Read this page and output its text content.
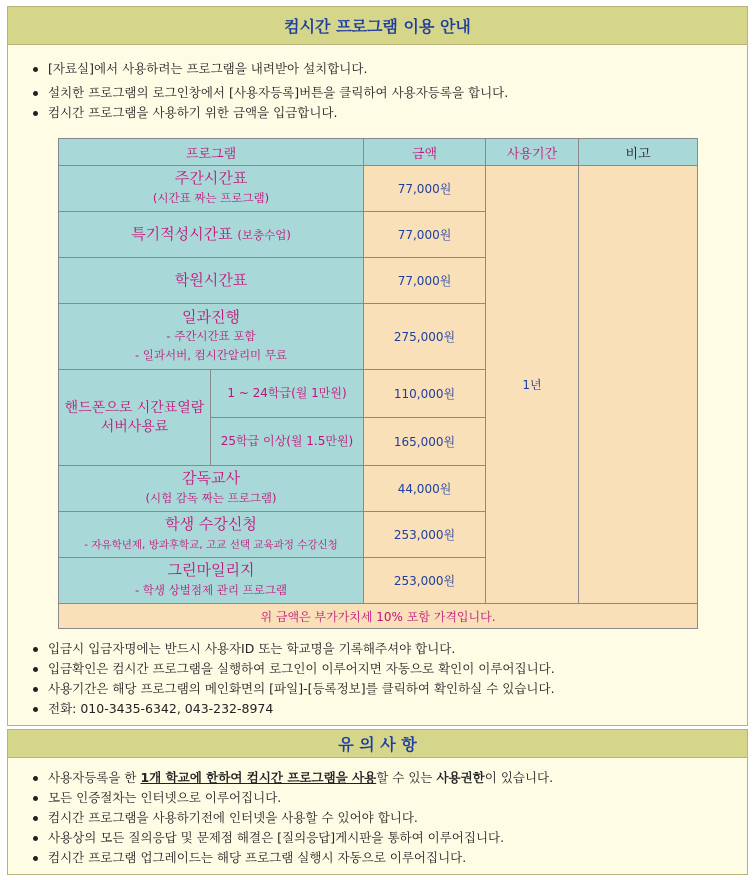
컴시간 프로그램 이용 안내
[자료실]에서 사용하려는 프로그램을 내려받아 설치합니다.
설치한 프로그램의 로그인창에서 [사용자등록]버튼을 클릭하여 사용자등록을 합니다.
컴시간 프로그램을 사용하기 위한 금액을 입금합니다.
프로그램		금액	사용기간	비고

주간시간표
(시간표 짜는 프로그램)		77,000원	1년	
특기적성시간표 (보충수업)		77,000원		
학원시간표		77,000원		

일과진행
- 주간시간표 포함
- 일과서버, 컴시간알리미 무료		275,000원		
핸드폰으로 시간표열람 서버사용료	1 ~ 24학급(월 1만원)	110,000원		
	25학급 이상(월 1.5만원)	165,000원		

감독교사
(시험 감독 짜는 프로그램)		44,000원		

학생 수강신청
- 자유학년제, 방과후학교, 고교 선택 교육과정 수강신청		253,000원		

그린마일리지
- 학생 상벌점제 관리 프로그램		253,000원		
위 금액은 부가가치세 10% 포함 가격입니다.				
입금시 입금자명에는 반드시 사용자ID 또는 학교명을 기록해주셔야 합니다.
입금확인은 컴시간 프로그램을 실행하여 로그인이 이루어지면 자동으로 확인이 이루어집니다.
사용기간은 해당 프로그램의 메인화면의 [파일]-[등록정보]를 클릭하여 확인하실 수 있습니다.
전화: 010-3435-6342, 043-232-8974
유 의 사 항
사용자등록을 한 1개 학교에 한하여 컴시간 프로그램을 사용할 수 있는 사용권한이 있습니다.
모든 인증절차는 인터넷으로 이루어집니다.
컴시간 프로그램을 사용하기전에 인터넷을 사용할 수 있어야 합니다.
사용상의 모든 질의응답 및 문제점 해결은 [질의응답]게시판을 통하여 이루어집니다.
컴시간 프로그램 업그레이드는 해당 프로그램 실행시 자동으로 이루어집니다.
